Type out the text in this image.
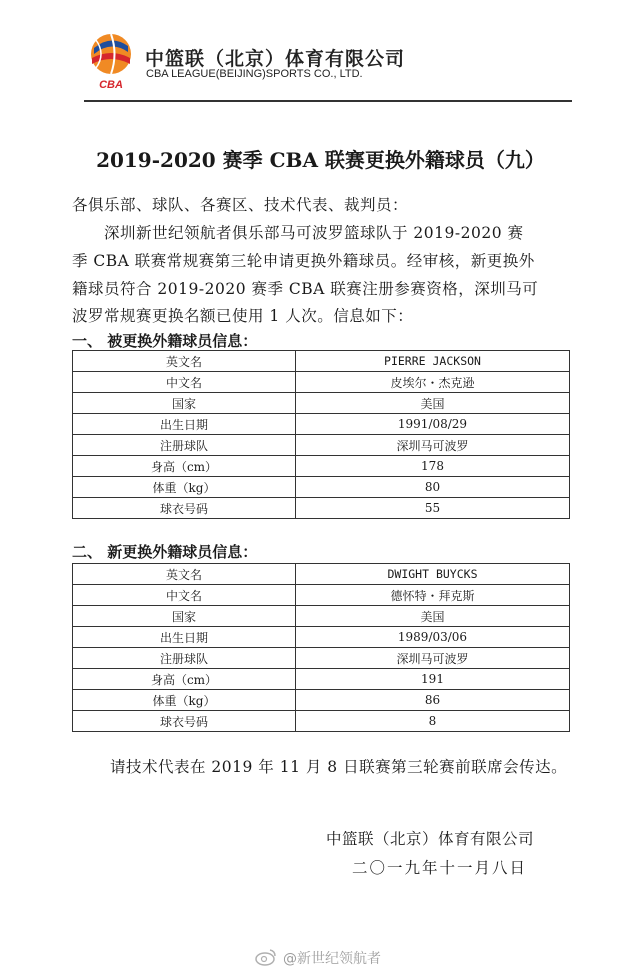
CBA
中篮联（北京）体育有限公司
CBA LEAGUE(BEIJING)SPORTS CO., LTD.
2019-2020 赛季 CBA 联赛更换外籍球员（九）
各俱乐部、球队、各赛区、技术代表、裁判员：
深圳新世纪领航者俱乐部马可波罗篮球队于 2019-2020 赛
季 CBA 联赛常规赛第三轮申请更换外籍球员。经审核，新更换外
籍球员符合 2019-2020 赛季 CBA 联赛注册参赛资格，深圳马可
波罗常规赛更换名额已使用 1 人次。信息如下：
一、 被更换外籍球员信息：
英文名	PIERRE JACKSON
中文名	皮埃尔・杰克逊
国家	美国
出生日期	1991/08/29
注册球队	深圳马可波罗
身高（cm）	178
体重（kg）	80
球衣号码	55
二、 新更换外籍球员信息：
英文名	DWIGHT BUYCKS
中文名	德怀特・拜克斯
国家	美国
出生日期	1989/03/06
注册球队	深圳马可波罗
身高（cm）	191
体重（kg）	86
球衣号码	8
请技术代表在 2019 年 11 月 8 日联赛第三轮赛前联席会传达。
中篮联（北京）体育有限公司
二〇一九年十一月八日
@新世纪领航者
